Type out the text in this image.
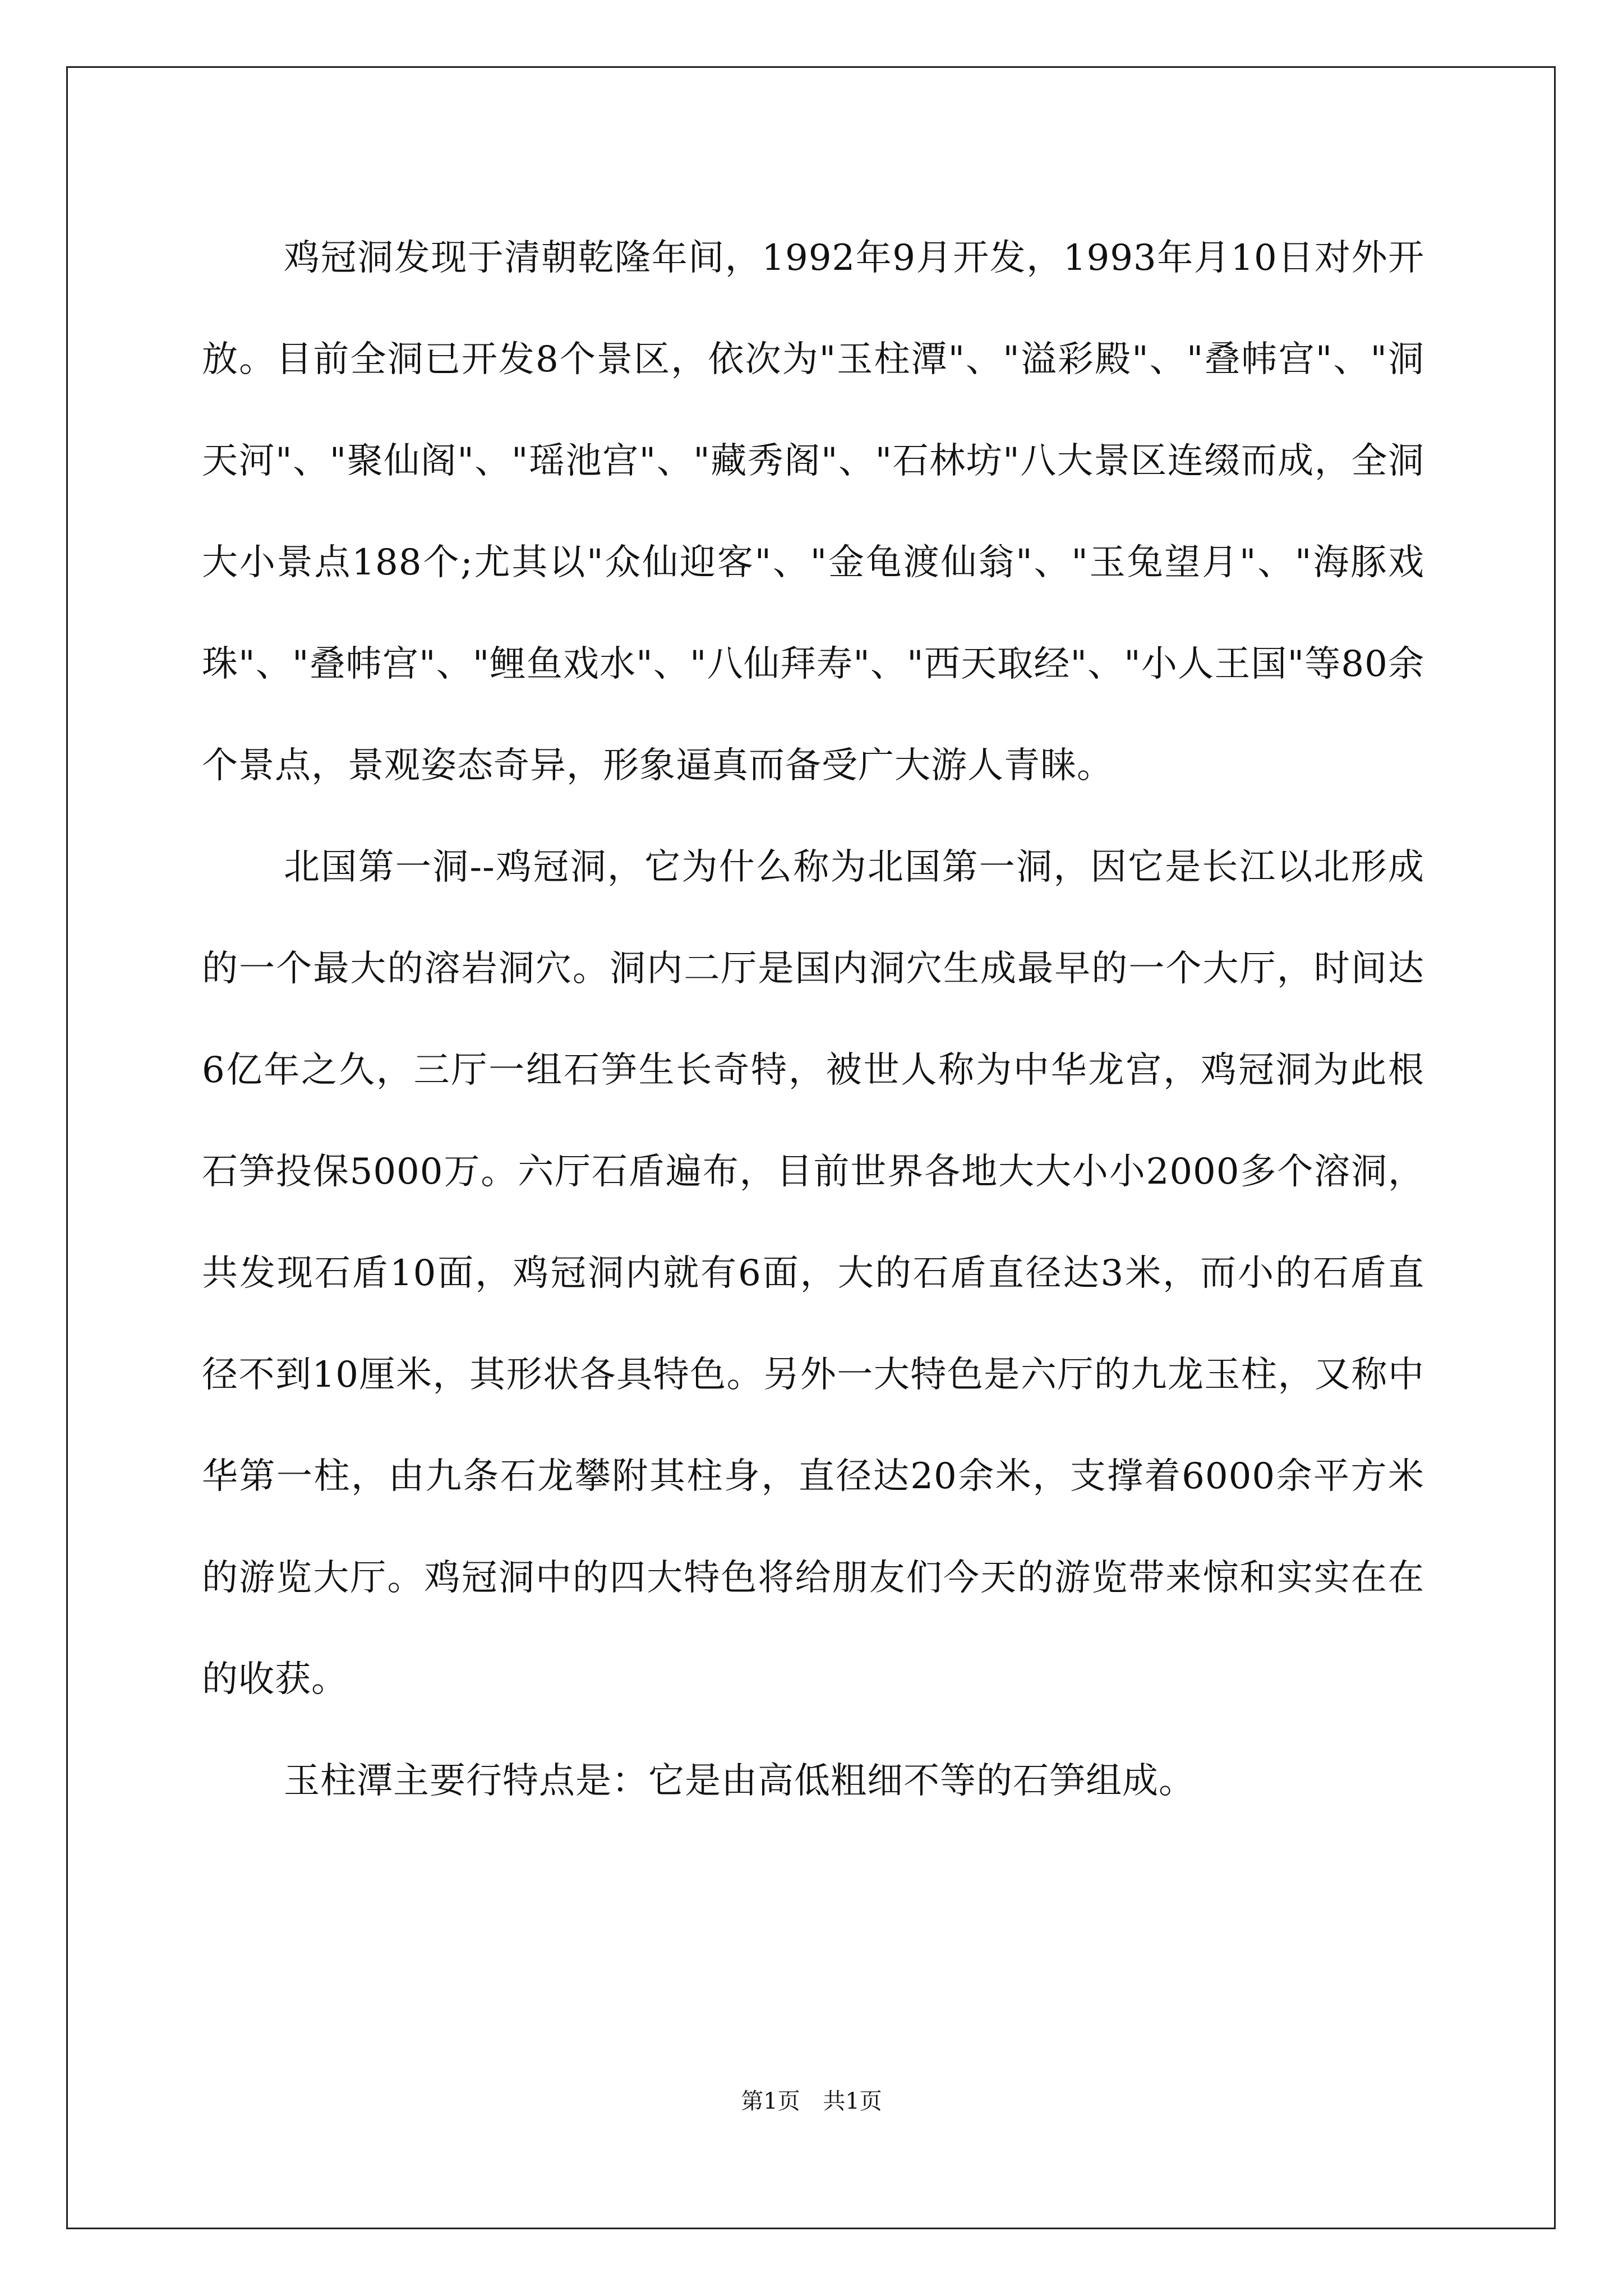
鸡冠洞发现于清朝乾隆年间，1992年9月开发，1993年月10日对外开放。目前全洞已开发8个景区，依次为"玉柱潭"、"溢彩殿"、"叠帏宫"、"洞天河"、"聚仙阁"、"瑶池宫"、"藏秀阁"、"石林坊"八大景区连缀而成，全洞大小景点188个;尤其以"众仙迎客"、"金龟渡仙翁"、"玉兔望月"、"海豚戏珠"、"叠帏宫"、"鲤鱼戏水"、"八仙拜寿"、"西天取经"、"小人王国"等80余个景点，景观姿态奇异，形象逼真而备受广大游人青睐。

北国第一洞--鸡冠洞，它为什么称为北国第一洞，因它是长江以北形成的一个最大的溶岩洞穴。洞内二厅是国内洞穴生成最早的一个大厅，时间达6亿年之久，三厅一组石笋生长奇特，被世人称为中华龙宫，鸡冠洞为此根石笋投保5000万。六厅石盾遍布，目前世界各地大大小小2000多个溶洞，共发现石盾10面，鸡冠洞内就有6面，大的石盾直径达3米，而小的石盾直径不到10厘米，其形状各具特色。另外一大特色是六厅的九龙玉柱，又称中华第一柱，由九条石龙攀附其柱身，直径达20余米，支撑着6000余平方米的游览大厅。鸡冠洞中的四大特色将给朋友们今天的游览带来惊和实实在在的收获。

玉柱潭主要行特点是：它是由高低粗细不等的石笋组成。

第1页 共1页
